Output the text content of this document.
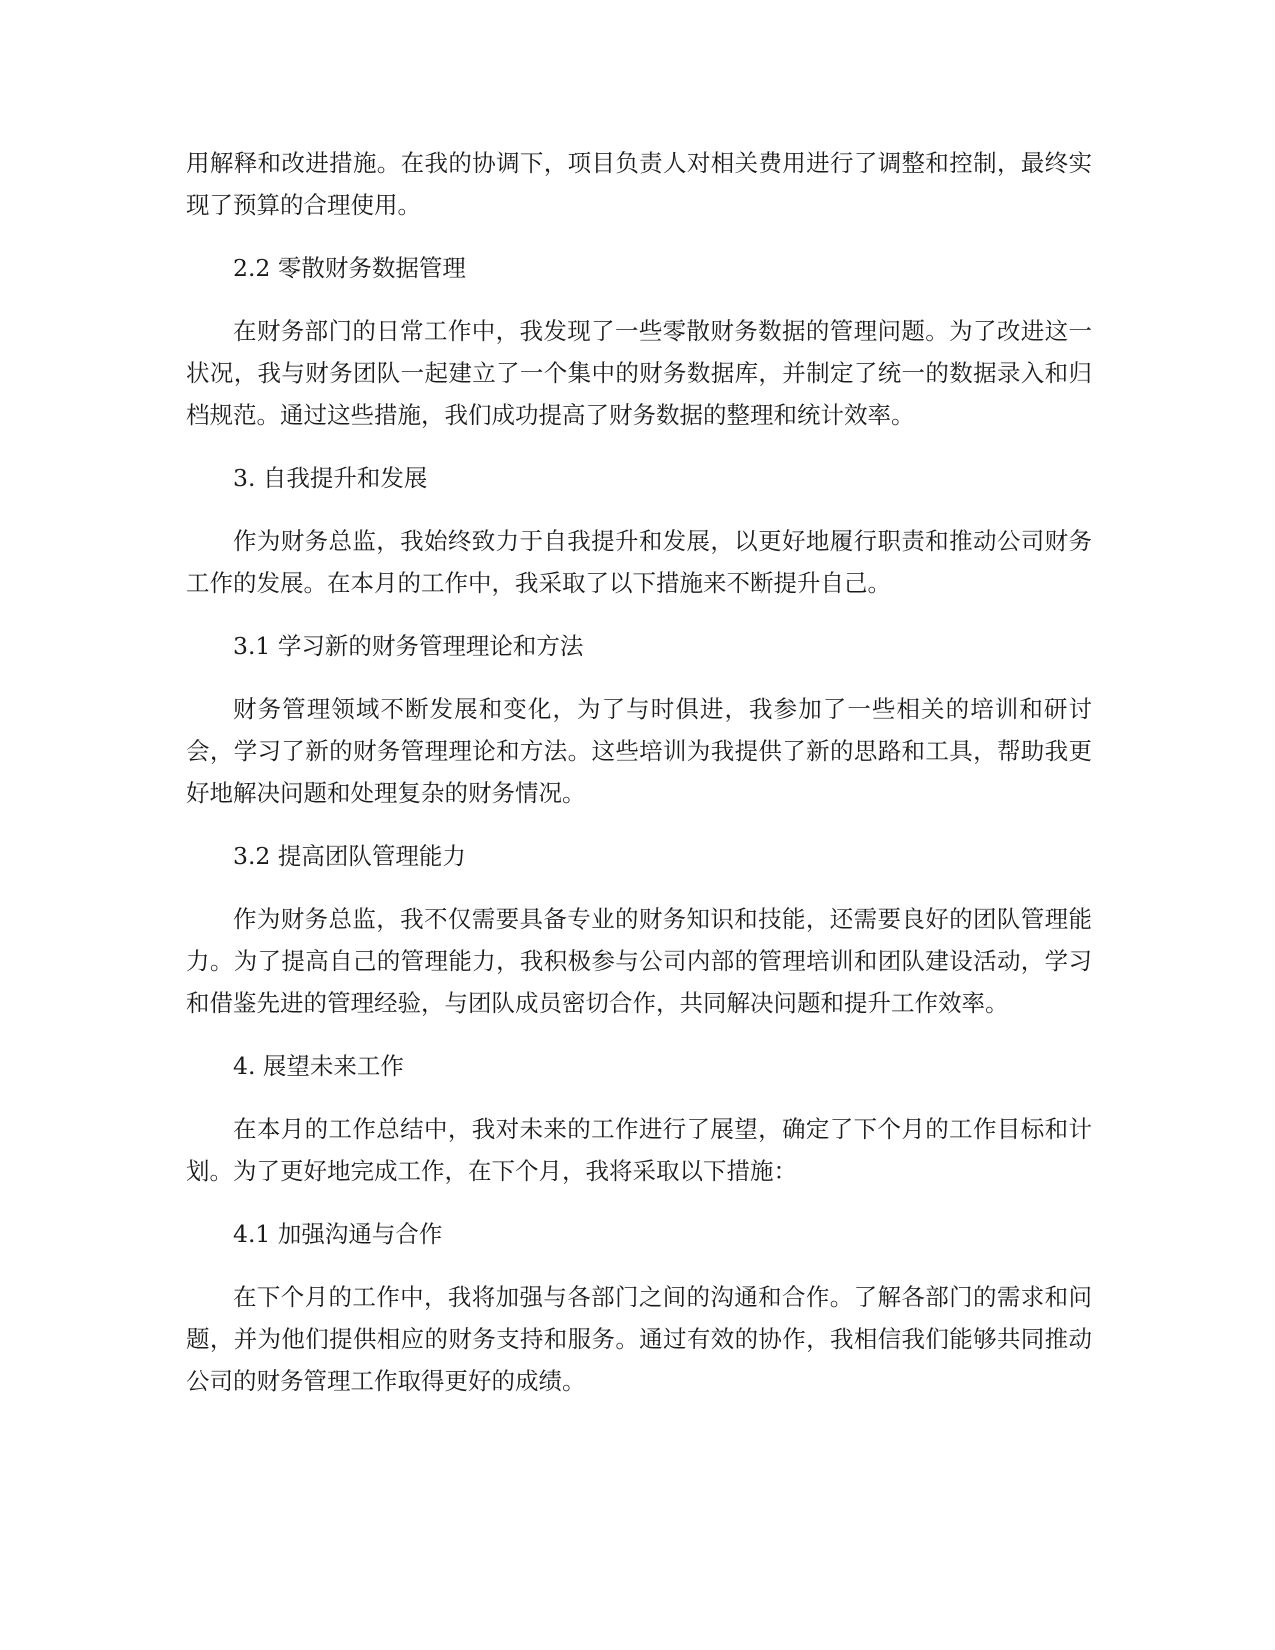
用解释和改进措施。在我的协调下，项目负责人对相关费用进行了调整和控制，最终实现了预算的合理使用。

2.2 零散财务数据管理

在财务部门的日常工作中，我发现了一些零散财务数据的管理问题。为了改进这一状况，我与财务团队一起建立了一个集中的财务数据库，并制定了统一的数据录入和归档规范。通过这些措施，我们成功提高了财务数据的整理和统计效率。

3. 自我提升和发展

作为财务总监，我始终致力于自我提升和发展，以更好地履行职责和推动公司财务工作的发展。在本月的工作中，我采取了以下措施来不断提升自己。

3.1 学习新的财务管理理论和方法

财务管理领域不断发展和变化，为了与时俱进，我参加了一些相关的培训和研讨会，学习了新的财务管理理论和方法。这些培训为我提供了新的思路和工具，帮助我更好地解决问题和处理复杂的财务情况。

3.2 提高团队管理能力

作为财务总监，我不仅需要具备专业的财务知识和技能，还需要良好的团队管理能力。为了提高自己的管理能力，我积极参与公司内部的管理培训和团队建设活动，学习和借鉴先进的管理经验，与团队成员密切合作，共同解决问题和提升工作效率。

4. 展望未来工作

在本月的工作总结中，我对未来的工作进行了展望，确定了下个月的工作目标和计划。为了更好地完成工作，在下个月，我将采取以下措施：

4.1 加强沟通与合作

在下个月的工作中，我将加强与各部门之间的沟通和合作。了解各部门的需求和问题，并为他们提供相应的财务支持和服务。通过有效的协作，我相信我们能够共同推动公司的财务管理工作取得更好的成绩。
